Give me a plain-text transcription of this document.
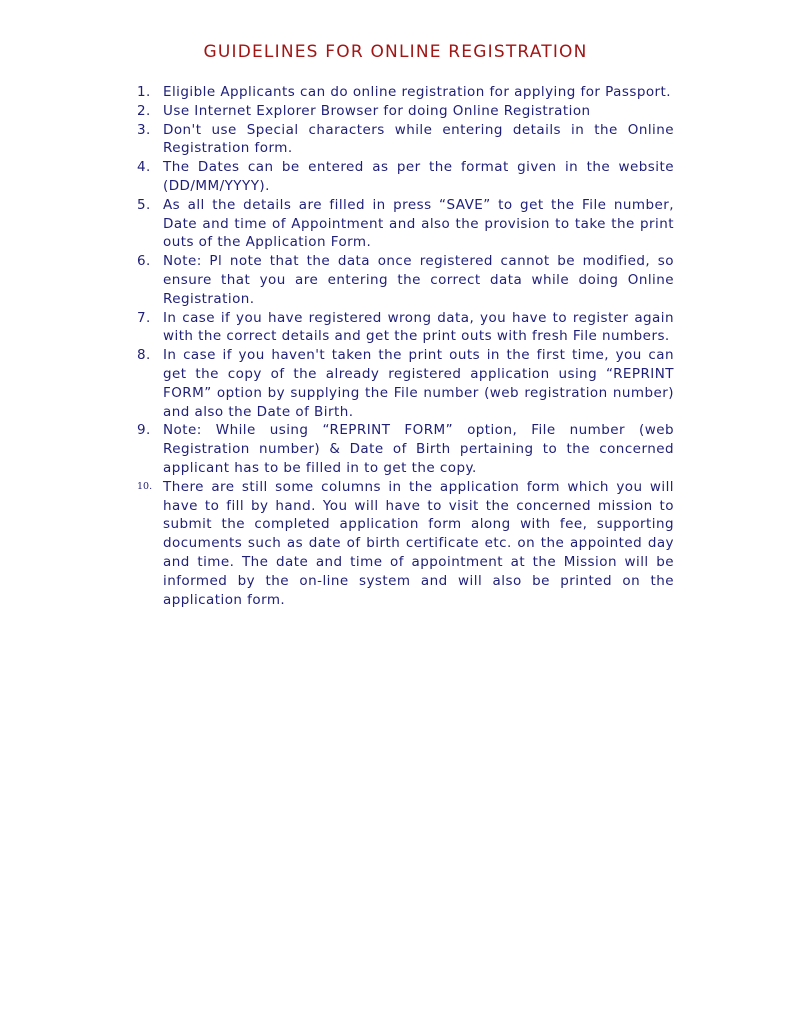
GUIDELINES FOR ONLINE REGISTRATION
1. Eligible Applicants can do online registration for applying for Passport.
2. Use Internet Explorer Browser for doing Online Registration
3. Don't use Special characters while entering details in the Online Registration form.
4. The Dates can be entered as per the format given in the website (DD/MM/YYYY).
5. As all the details are filled in press “SAVE” to get the File number, Date and time of Appointment and also the provision to take the print outs of the Application Form.
6. Note: Pl note that the data once registered cannot be modified, so ensure that you are entering the correct data while doing Online Registration.
7. In case if you have registered wrong data, you have to register again with the correct details and get the print outs with fresh File numbers.
8. In case if you haven't taken the print outs in the first time, you can get the copy of the already registered application using “REPRINT FORM” option by supplying the File number (web registration number) and also the Date of Birth.
9. Note: While using “REPRINT FORM” option, File number (web Registration number) & Date of Birth pertaining to the concerned applicant has to be filled in to get the copy.
10. There are still some columns in the application form which you will have to fill by hand. You will have to visit the concerned mission to submit the completed application form along with fee, supporting documents such as date of birth certificate etc. on the appointed day and time. The date and time of appointment at the Mission will be informed by the on-line system and will also be printed on the application form.
